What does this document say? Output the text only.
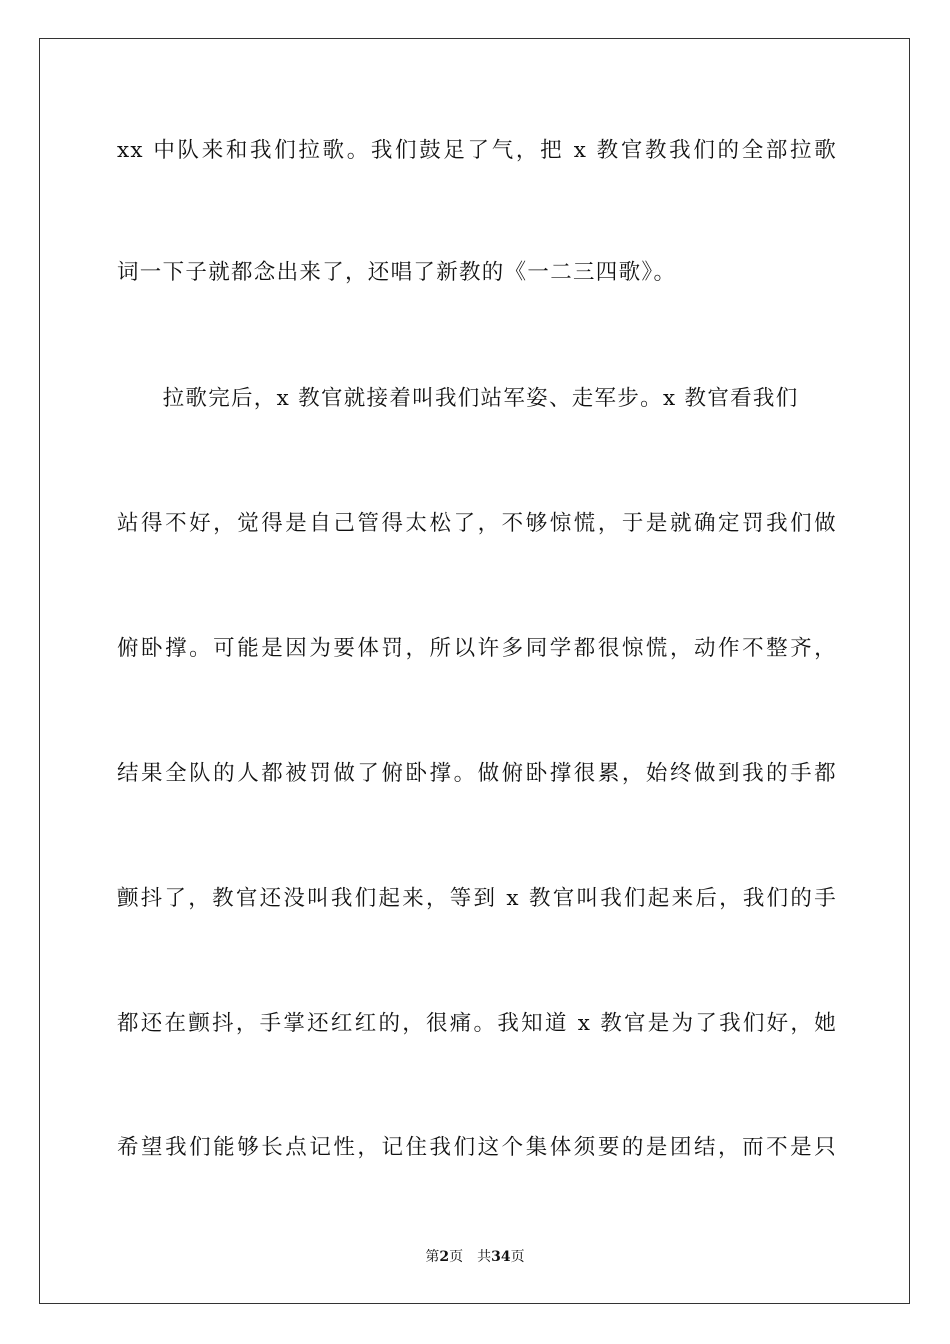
xx 中队来和我们拉歌。我们鼓足了气，把 x 教官教我们的全部拉歌
词一下子就都念出来了，还唱了新教的《一二三四歌》。
　　拉歌完后，x 教官就接着叫我们站军姿、走军步。x 教官看我们
站得不好，觉得是自己管得太松了，不够惊慌，于是就确定罚我们做
俯卧撑。可能是因为要体罚，所以许多同学都很惊慌，动作不整齐，
结果全队的人都被罚做了俯卧撑。做俯卧撑很累，始终做到我的手都
颤抖了，教官还没叫我们起来，等到 x 教官叫我们起来后，我们的手
都还在颤抖，手掌还红红的，很痛。我知道 x 教官是为了我们好，她
希望我们能够长点记性，记住我们这个集体须要的是团结，而不是只
第2页 共34页
